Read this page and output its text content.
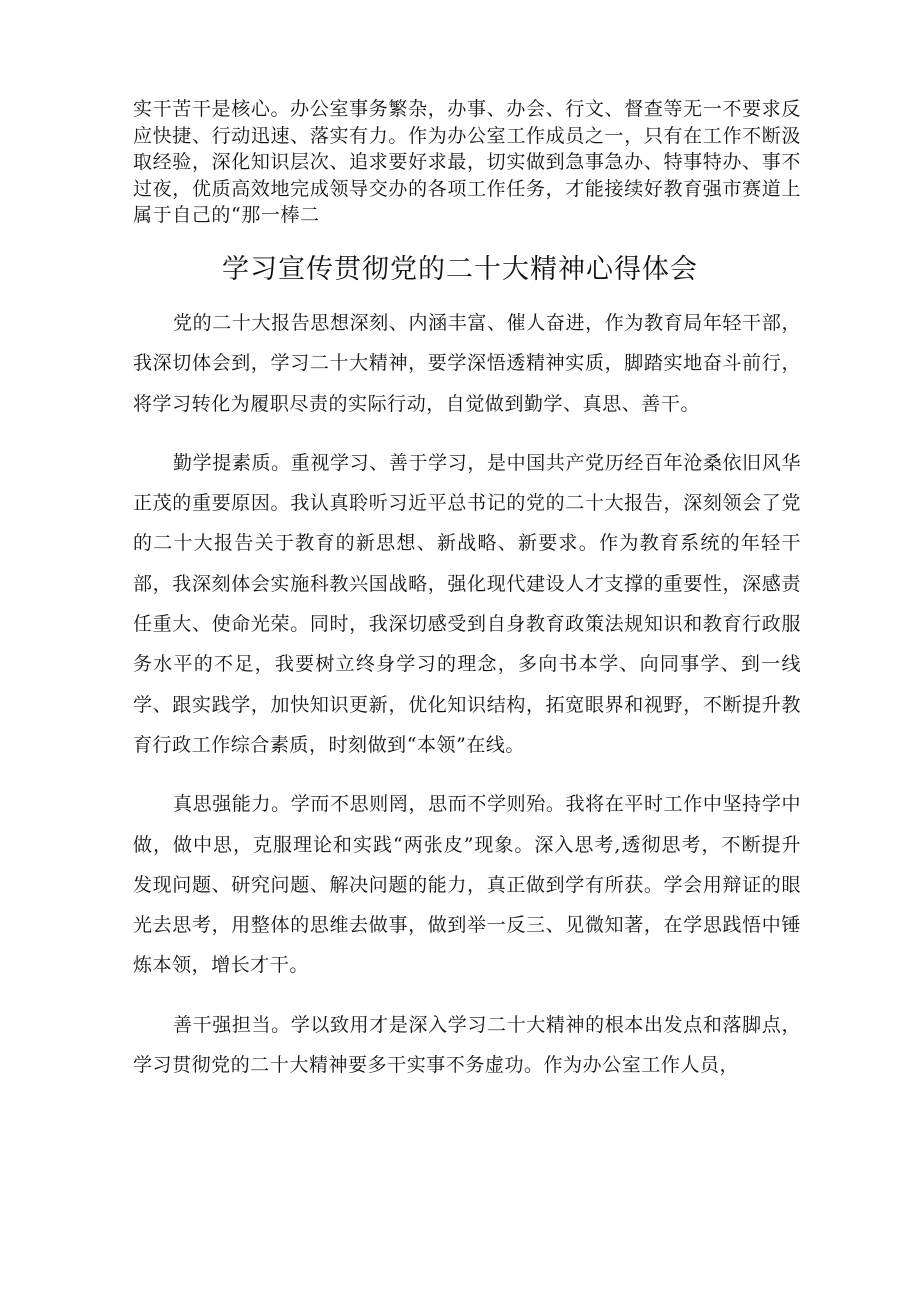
实干苦干是核心。办公室事务繁杂，办事、办会、行文、督查等无一不要求反应快捷、行动迅速、落实有力。作为办公室工作成员之一，只有在工作不断汲取经验，深化知识层次、追求要好求最，切实做到急事急办、特事特办、事不过夜，优质高效地完成领导交办的各项工作任务，才能接续好教育强市赛道上属于自己的“那一棒二

学习宣传贯彻党的二十大精神心得体会

党的二十大报告思想深刻、内涵丰富、催人奋进，作为教育局年轻干部，我深切体会到，学习二十大精神，要学深悟透精神实质，脚踏实地奋斗前行，将学习转化为履职尽责的实际行动，自觉做到勤学、真思、善干。

勤学提素质。重视学习、善于学习，是中国共产党历经百年沧桑依旧风华正茂的重要原因。我认真聆听习近平总书记的党的二十大报告，深刻领会了党的二十大报告关于教育的新思想、新战略、新要求。作为教育系统的年轻干部，我深刻体会实施科教兴国战略，强化现代建设人才支撑的重要性，深感责任重大、使命光荣。同时，我深切感受到自身教育政策法规知识和教育行政服务水平的不足，我要树立终身学习的理念，多向书本学、向同事学、到一线学、跟实践学，加快知识更新，优化知识结构，拓宽眼界和视野，不断提升教育行政工作综合素质，时刻做到“本领”在线。

真思强能力。学而不思则罔，思而不学则殆。我将在平时工作中坚持学中做，做中思，克服理论和实践“两张皮”现象。深入思考,透彻思考，不断提升发现问题、研究问题、解决问题的能力，真正做到学有所获。学会用辩证的眼光去思考，用整体的思维去做事，做到举一反三、见微知著，在学思践悟中锤炼本领，增长才干。

善干强担当。学以致用才是深入学习二十大精神的根本出发点和落脚点，学习贯彻党的二十大精神要多干实事不务虚功。作为办公室工作人员，
